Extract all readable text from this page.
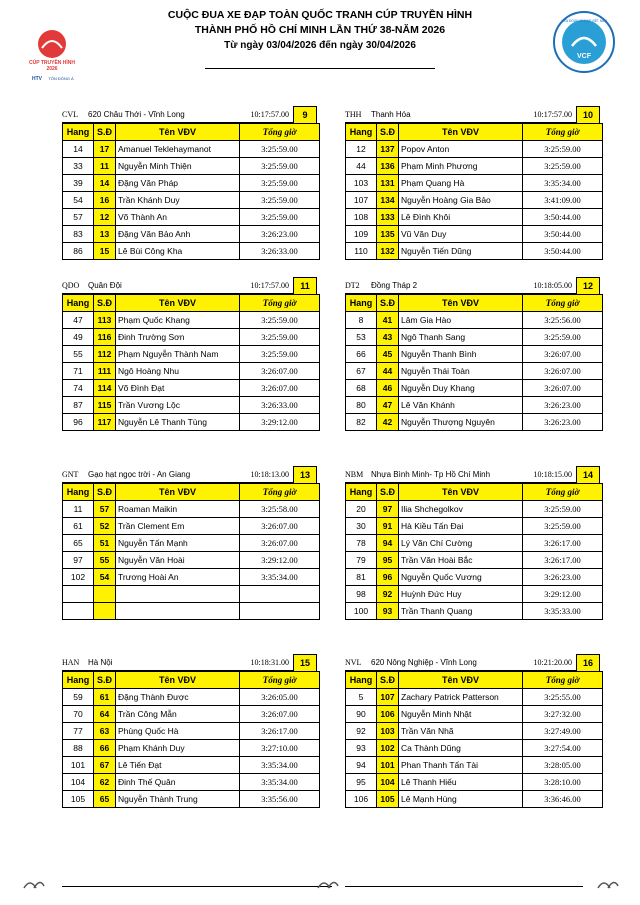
CUỘC ĐUA XE ĐẠP TOÀN QUỐC TRANH CÚP TRUYỀN HÌNH
THÀNH PHỐ HỒ CHÍ MINH LẦN THỨ 38-NĂM 2026
Từ ngày 03/04/2026 đến ngày 30/04/2026
CÚP TRUYỀN HÌNH
2026
HTV TÔN ĐÔNG Á
LIÊN ĐOÀN XE ĐẠP VIỆT NAM
VCF
CVL	620 Châu Thới - Vĩnh Long	10:17:57.00	9
Hang	S.Đ	Tên VĐV	Tổng giờ
14	17	Amanuel Teklehaymanot	3:25:59.00
33	11	Nguyễn Minh Thiện	3:25:59.00
39	14	Đặng Văn Pháp	3:25:59.00
54	16	Trần Khánh Duy	3:25:59.00
57	12	Võ Thành An	3:25:59.00
83	13	Đặng Văn Bảo Anh	3:26:23.00
86	15	Lê Bùi Công Kha	3:26:33.00
THH	Thanh Hóa	10:17:57.00	10
Hang	S.Đ	Tên VĐV	Tổng giờ
12	137	Popov Anton	3:25:59.00
44	136	Phạm Minh Phương	3:25:59.00
103	131	Phạm Quang Hà	3:35:34.00
107	134	Nguyễn Hoàng Gia Bảo	3:41:09.00
108	133	Lê Đình Khôi	3:50:44.00
109	135	Vũ Văn Duy	3:50:44.00
110	132	Nguyễn Tiến Dũng	3:50:44.00
QDO	Quân Đội	10:17:57.00	11
Hang	S.Đ	Tên VĐV	Tổng giờ
47	113	Phạm Quốc Khang	3:25:59.00
49	116	Đinh Trường Sơn	3:25:59.00
55	112	Phạm Nguyễn Thành Nam	3:25:59.00
71	111	Ngô Hoàng Nhu	3:26:07.00
74	114	Võ Đình Đạt	3:26:07.00
87	115	Trần Vương Lộc	3:26:33.00
96	117	Nguyễn Lê Thanh Tùng	3:29:12.00
DT2	Đồng Tháp 2	10:18:05.00	12
Hang	S.Đ	Tên VĐV	Tổng giờ
8	41	Lâm Gia Hào	3:25:56.00
53	43	Ngô Thanh Sang	3:25:59.00
66	45	Nguyễn Thanh Bình	3:26:07.00
67	44	Nguyễn Thái Toàn	3:26:07.00
68	46	Nguyễn Duy Khang	3:26:07.00
80	47	Lê Văn Khánh	3:26:23.00
82	42	Nguyễn Thượng Nguyên	3:26:23.00
GNT	Gạo hạt ngọc trời - An Giang	10:18:13.00	13
Hang	S.Đ	Tên VĐV	Tổng giờ
11	57	Roaman Maikin	3:25:58.00
61	52	Trần Clement Em	3:26:07.00
65	51	Nguyễn Tấn Mạnh	3:26:07.00
97	55	Nguyễn Văn Hoài	3:29:12.00
102	54	Trương Hoài An	3:35:34.00

NBM Nhựa Bình Minh- Tp Hồ Chí Minh	10:18:15.00	14
Hang	S.Đ	Tên VĐV	Tổng giờ
20	97	Ilia Shchegolkov	3:25:59.00
30	91	Hà Kiều Tấn Đại	3:25:59.00
78	94	Lý Văn Chí Cường	3:26:17.00
79	95	Trần Văn Hoài Bắc	3:26:17.00
81	96	Nguyễn Quốc Vương	3:26:23.00
98	92	Huỳnh Đức Huy	3:29:12.00
100	93	Trần Thanh Quang	3:35:33.00
HAN	Hà Nội	10:18:31.00	15
Hang	S.Đ	Tên VĐV	Tổng giờ
59	61	Đặng Thành Được	3:26:05.00
70	64	Trần Công Mẫn	3:26:07.00
77	63	Phùng Quốc Hà	3:26:17.00
88	66	Phạm Khánh Duy	3:27:10.00
101	67	Lê Tiến Đạt	3:35:34.00
104	62	Đinh Thế Quân	3:35:34.00
105	65	Nguyễn Thành Trung	3:35:56.00
NVL	620 Nông Nghiệp - Vĩnh Long	10:21:20.00	16
Hang	S.Đ	Tên VĐV	Tổng giờ
5	107	Zachary Patrick Patterson	3:25:55.00
90	106	Nguyễn Minh Nhật	3:27:32.00
92	103	Trần Văn Nhã	3:27:49.00
93	102	Ca Thành Dũng	3:27:54.00
94	101	Phan Thanh Tấn Tài	3:28:05.00
95	104	Lê Thanh Hiếu	3:28:10.00
106	105	Lê Mạnh Hùng	3:36:46.00
